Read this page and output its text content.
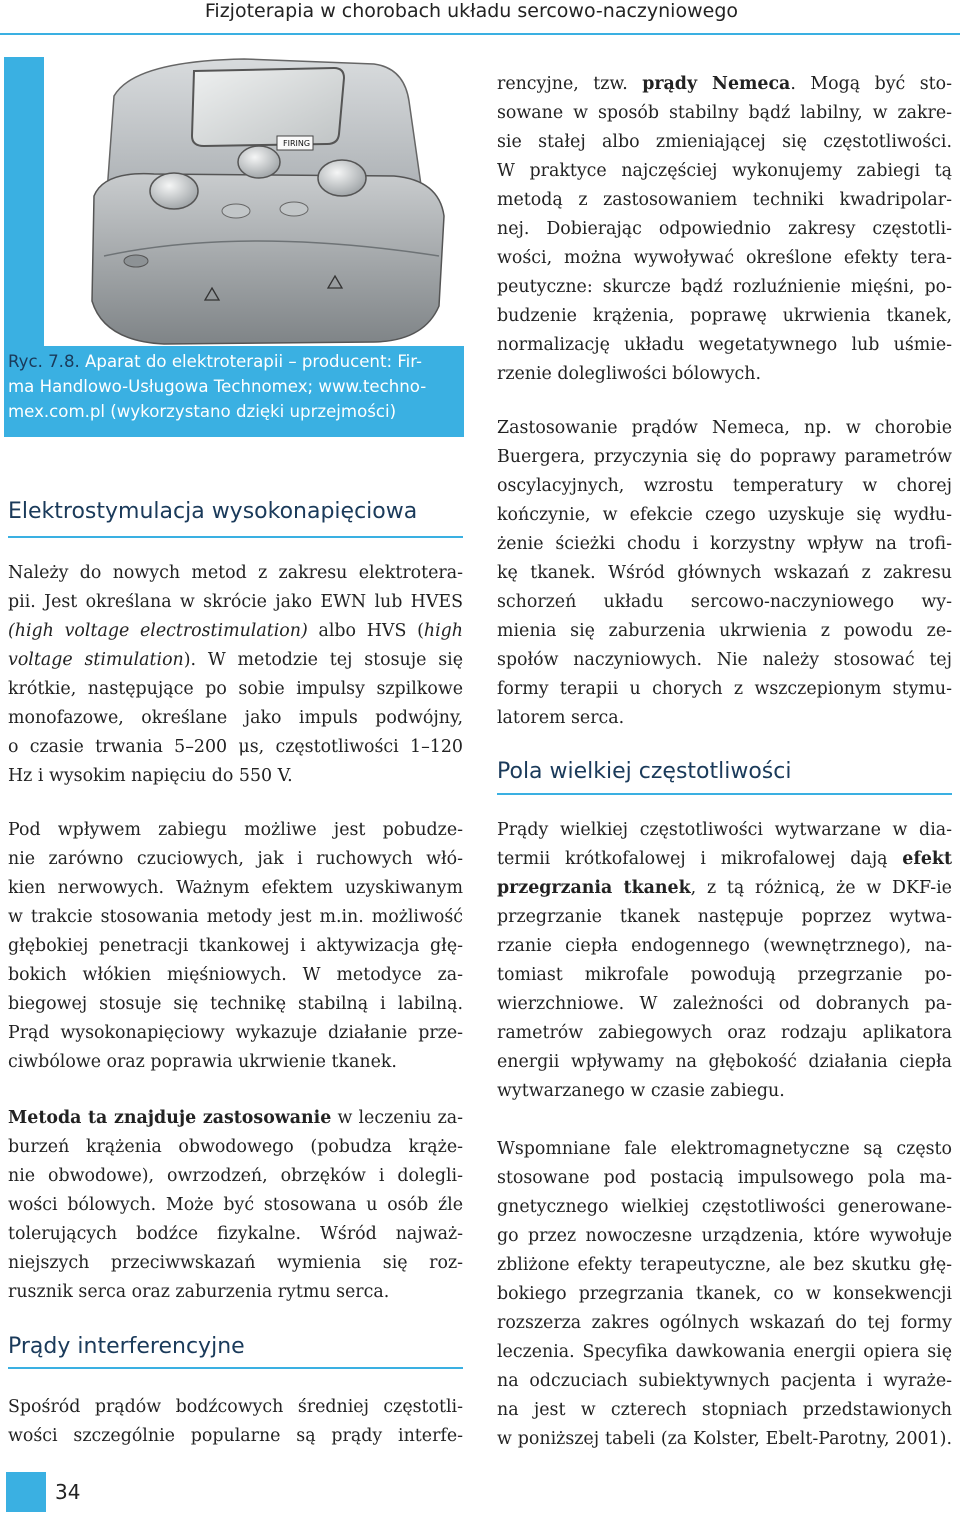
Fizjoterapia w chorobach układu sercowo-naczyniowego
FIRING
Ryc. 7.8. Aparat do elektroterapii – producent: Fir-
ma Handlowo-Usługowa Technomex; www.techno-
mex.com.pl (wykorzystano dzięki uprzejmości)
Elektrostymulacja wysokonapięciowa
Należy do nowych metod z zakresu elektrotera-
pii. Jest określana w skrócie jako EWN lub HVES
(high voltage electrostimulation) albo HVS (high
voltage stimulation). W metodzie tej stosuje się
krótkie, następujące po sobie impulsy szpilkowe
monofazowe, określane jako impuls podwójny,
o czasie trwania 5–200 μs, częstotliwości 1–120
Hz i wysokim napięciu do 550 V.
Pod wpływem zabiegu możliwe jest pobudze-
nie zarówno czuciowych, jak i ruchowych włó-
kien nerwowych. Ważnym efektem uzyskiwanym
w trakcie stosowania metody jest m.in. możliwość
głębokiej penetracji tkankowej i aktywizacja głę-
bokich włókien mięśniowych. W metodyce za-
biegowej stosuje się technikę stabilną i labilną.
Prąd wysokonapięciowy wykazuje działanie prze-
ciwbólowe oraz poprawia ukrwienie tkanek.
Metoda ta znajduje zastosowanie w leczeniu za-
burzeń krążenia obwodowego (pobudza krąże-
nie obwodowe), owrzodzeń, obrzęków i dolegli-
wości bólowych. Może być stosowana u osób źle
tolerujących bodźce fizykalne. Wśród najważ-
niejszych przeciwwskazań wymienia się roz-
rusznik serca oraz zaburzenia rytmu serca.
Prądy interferencyjne
Spośród prądów bodźcowych średniej częstotli-
wości szczególnie popularne są prądy interfe-
rencyjne, tzw. prądy Nemeca. Mogą być sto-
sowane w sposób stabilny bądź labilny, w zakre-
sie stałej albo zmieniającej się częstotliwości.
W praktyce najczęściej wykonujemy zabiegi tą
metodą z zastosowaniem techniki kwadripolar-
nej. Dobierając odpowiednio zakresy częstotli-
wości, można wywoływać określone efekty tera-
peutyczne: skurcze bądź rozluźnienie mięśni, po-
budzenie krążenia, poprawę ukrwienia tkanek,
normalizację układu wegetatywnego lub uśmie-
rzenie dolegliwości bólowych.
Zastosowanie prądów Nemeca, np. w chorobie
Buergera, przyczynia się do poprawy parametrów
oscylacyjnych, wzrostu temperatury w chorej
kończynie, w efekcie czego uzyskuje się wydłu-
żenie ścieżki chodu i korzystny wpływ na trofi-
kę tkanek. Wśród głównych wskazań z zakresu
schorzeń układu sercowo-naczyniowego wy-
mienia się zaburzenia ukrwienia z powodu ze-
społów naczyniowych. Nie należy stosować tej
formy terapii u chorych z wszczepionym stymu-
latorem serca.
Pola wielkiej częstotliwości
Prądy wielkiej częstotliwości wytwarzane w dia-
termii krótkofalowej i mikrofalowej dają efekt
przegrzania tkanek, z tą różnicą, że w DKF-ie
przegrzanie tkanek następuje poprzez wytwa-
rzanie ciepła endogennego (wewnętrznego), na-
tomiast mikrofale powodują przegrzanie po-
wierzchniowe. W zależności od dobranych pa-
rametrów zabiegowych oraz rodzaju aplikatora
energii wpływamy na głębokość działania ciepła
wytwarzanego w czasie zabiegu.
Wspomniane fale elektromagnetyczne są często
stosowane pod postacią impulsowego pola ma-
gnetycznego wielkiej częstotliwości generowane-
go przez nowoczesne urządzenia, które wywołuje
zbliżone efekty terapeutyczne, ale bez skutku głę-
bokiego przegrzania tkanek, co w konsekwencji
rozszerza zakres ogólnych wskazań do tej formy
leczenia. Specyfika dawkowania energii opiera się
na odczuciach subiektywnych pacjenta i wyraże-
na jest w czterech stopniach przedstawionych
w poniższej tabeli (za Kolster, Ebelt-Parotny, 2001).
34
